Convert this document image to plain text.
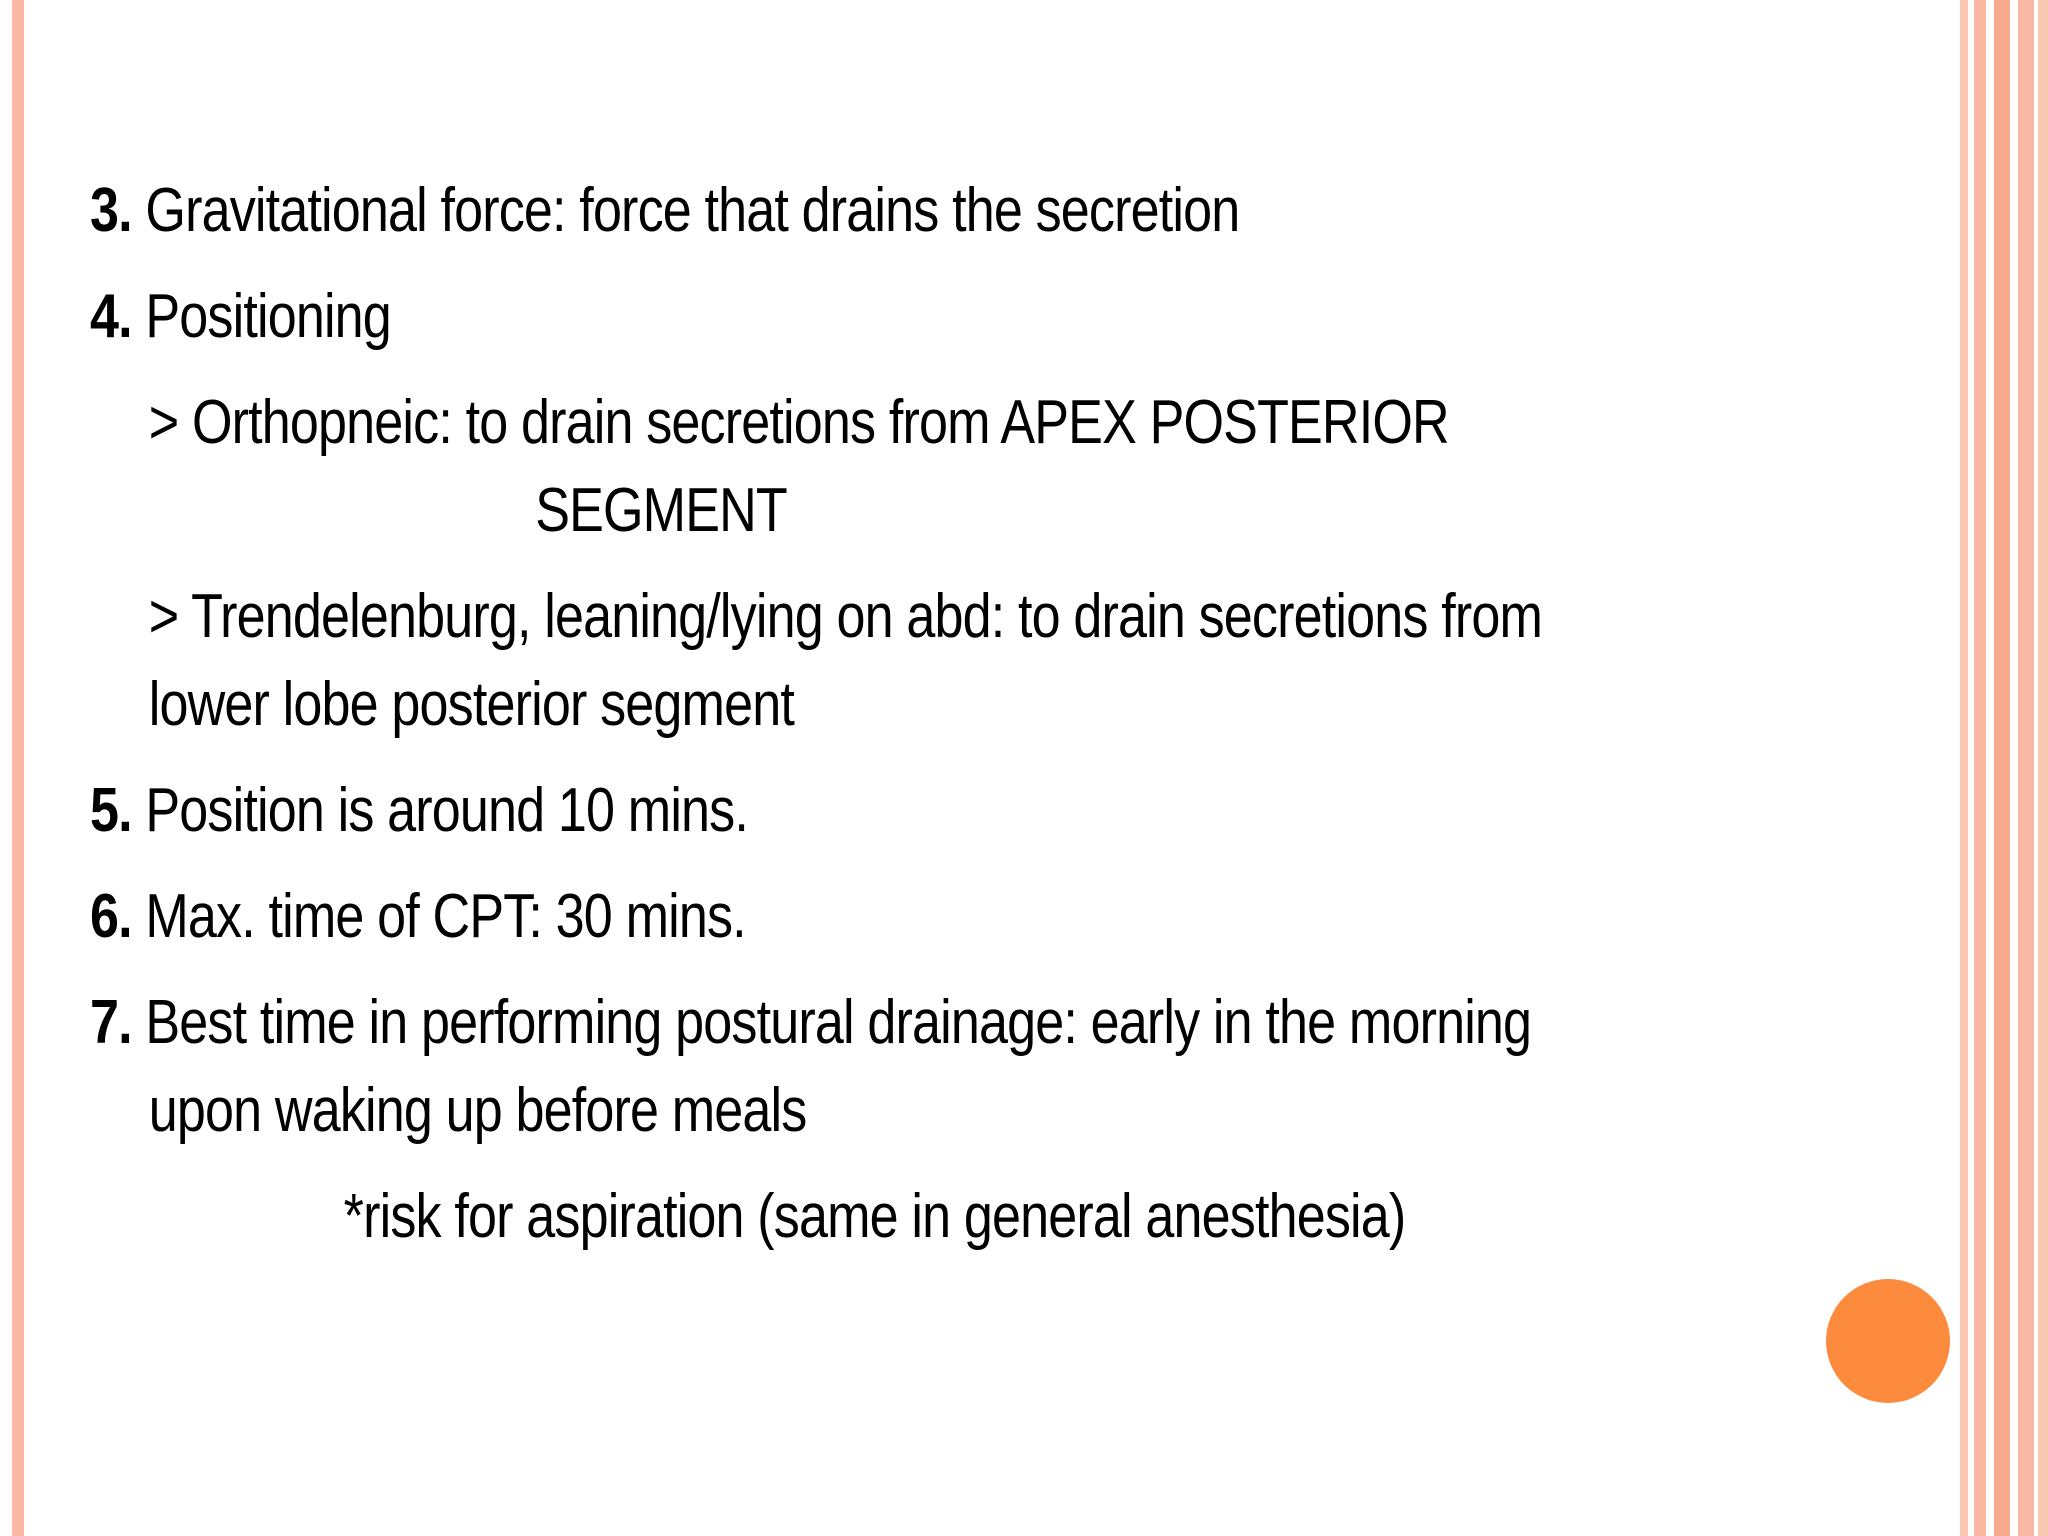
3. Gravitational force: force that drains the secretion
4. Positioning
> Orthopneic: to drain secretions from APEX POSTERIOR
SEGMENT
> Trendelenburg, leaning/lying on abd: to drain secretions from
lower lobe posterior segment
5. Position is around 10 mins.
6. Max. time of CPT: 30 mins.
7. Best time in performing postural drainage: early in the morning
upon waking up before meals
*risk for aspiration (same in general anesthesia)
